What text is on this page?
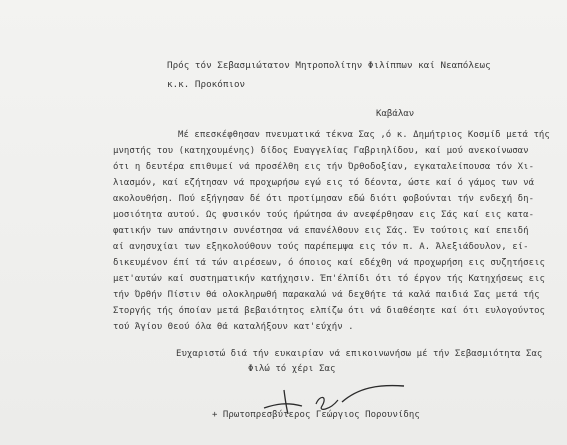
Πρός τόν Σεβασμιώτατον Μητροπολίτην Φιλίππων καί Νεαπόλεως
κ.κ. Προκόπιον
Καβάλαν
Μέ επεσκέφθησαν πνευματικά τέκνα Σας ,ό κ. Δημήτριος Κοσμίδ μετά τής
μνηστής του (κατηχουμένης) δίδος Ευαγγελίας Γαβριηλίδου, καί μού ανεκοίνωσαν
ότι η δευτέρα επιθυμεί νά προσέλθη εις τήν Όρθοδοξίαν, εγκαταλείπουσα τόν Χι-
λιασμόν, καί εζήτησαν νά προχωρήσω εγώ εις τό δέοντα, ώστε καί ό γάμος των νά
ακολουθήση. Πού εξήγησαν δέ ότι προτίμησαν εδώ διότι φοβούνται τήν ενδεχή δη-
μοσιότητα αυτού. Ως φυσικόν τούς ήρώτησα άν ανεφέρθησαν εις Σάς καί εις κατα-
φατικήν των απάντησιν συνέστησα νά επανέλθουν εις Σάς. Έν τούτοις καί επειδή
αί ανησυχίαι των εξηκολούθουν τούς παρέπεμψα εις τόν π. Α. Άλεξιάδουλον, εί-
δικευμένον έπί τά τών αιρέσεων, ό όποιος καί εδέχθη νά προχωρήση εις συζητήσεις
μετ'αυτών καί συστηματικήν κατήχησιν. Έπ'έλπίδι ότι τό έργον τής Κατηχήσεως εις
τήν Όρθήν Πίστιν θά ολοκληρωθή παρακαλώ νά δεχθήτε τά καλά παιδιά Σας μετά τής
Στοργής τής όποίαν μετά βεβαιότητος ελπίζω ότι νά διαθέσητε καί ότι ευλογούντος
τού Άγίου Θεού όλα θά καταλήξουν κατ'εύχήν .
Ευχαριστώ διά τήν ευκαιρίαν νά επικοινωνήσω μέ τήν Σεβασμιότητα Σας
Φιλώ τό χέρι Σας
+ Πρωτοπρεσβύτερος Γεώργιος Πορουνίδης
